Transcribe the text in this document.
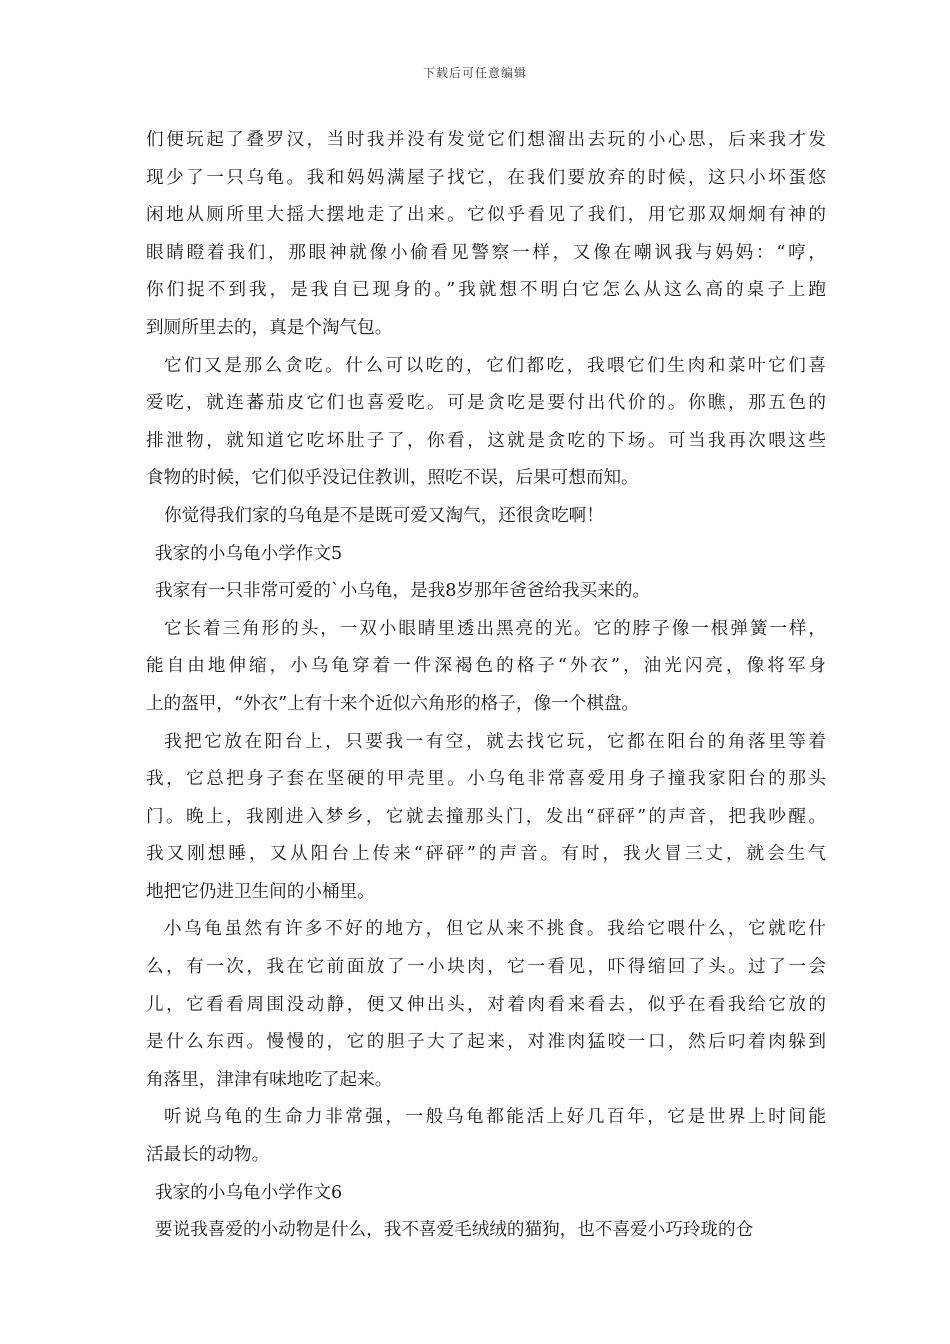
下载后可任意编辑
们便玩起了叠罗汉，当时我并没有发觉它们想溜出去玩的小心思，后来我才发
现少了一只乌龟。我和妈妈满屋子找它，在我们要放弃的时候，这只小坏蛋悠
闲地从厕所里大摇大摆地走了出来。它似乎看见了我们，用它那双炯炯有神的
眼睛瞪着我们，那眼神就像小偷看见警察一样，又像在嘲讽我与妈妈：“哼，
你们捉不到我，是我自已现身的。”我就想不明白它怎么从这么高的桌子上跑
到厕所里去的，真是个淘气包。
它们又是那么贪吃。什么可以吃的，它们都吃，我喂它们生肉和菜叶它们喜
爱吃，就连蕃茄皮它们也喜爱吃。可是贪吃是要付出代价的。你瞧，那五色的
排泄物，就知道它吃坏肚子了，你看，这就是贪吃的下场。可当我再次喂这些
食物的时候，它们似乎没记住教训，照吃不误，后果可想而知。
你觉得我们家的乌龟是不是既可爱又淘气，还很贪吃啊！
我家的小乌龟小学作文5
我家有一只非常可爱的`小乌龟，是我8岁那年爸爸给我买来的。
它长着三角形的头，一双小眼睛里透出黑亮的光。它的脖子像一根弹簧一样，
能自由地伸缩，小乌龟穿着一件深褐色的格子“外衣”，油光闪亮，像将军身
上的盔甲，“外衣”上有十来个近似六角形的格子，像一个棋盘。
我把它放在阳台上，只要我一有空，就去找它玩，它都在阳台的角落里等着
我，它总把身子套在坚硬的甲壳里。小乌龟非常喜爱用身子撞我家阳台的那头
门。晚上，我刚进入梦乡，它就去撞那头门，发出“砰砰”的声音，把我吵醒。
我又刚想睡，又从阳台上传来“砰砰”的声音。有时，我火冒三丈，就会生气
地把它仍进卫生间的小桶里。
小乌龟虽然有许多不好的地方，但它从来不挑食。我给它喂什么，它就吃什
么，有一次，我在它前面放了一小块肉，它一看见，吓得缩回了头。过了一会
儿，它看看周围没动静，便又伸出头，对着肉看来看去，似乎在看我给它放的
是什么东西。慢慢的，它的胆子大了起来，对准肉猛咬一口，然后叼着肉躲到
角落里，津津有味地吃了起来。
听说乌龟的生命力非常强，一般乌龟都能活上好几百年，它是世界上时间能
活最长的动物。
我家的小乌龟小学作文6
要说我喜爱的小动物是什么，我不喜爱毛绒绒的猫狗，也不喜爱小巧玲珑的仓
